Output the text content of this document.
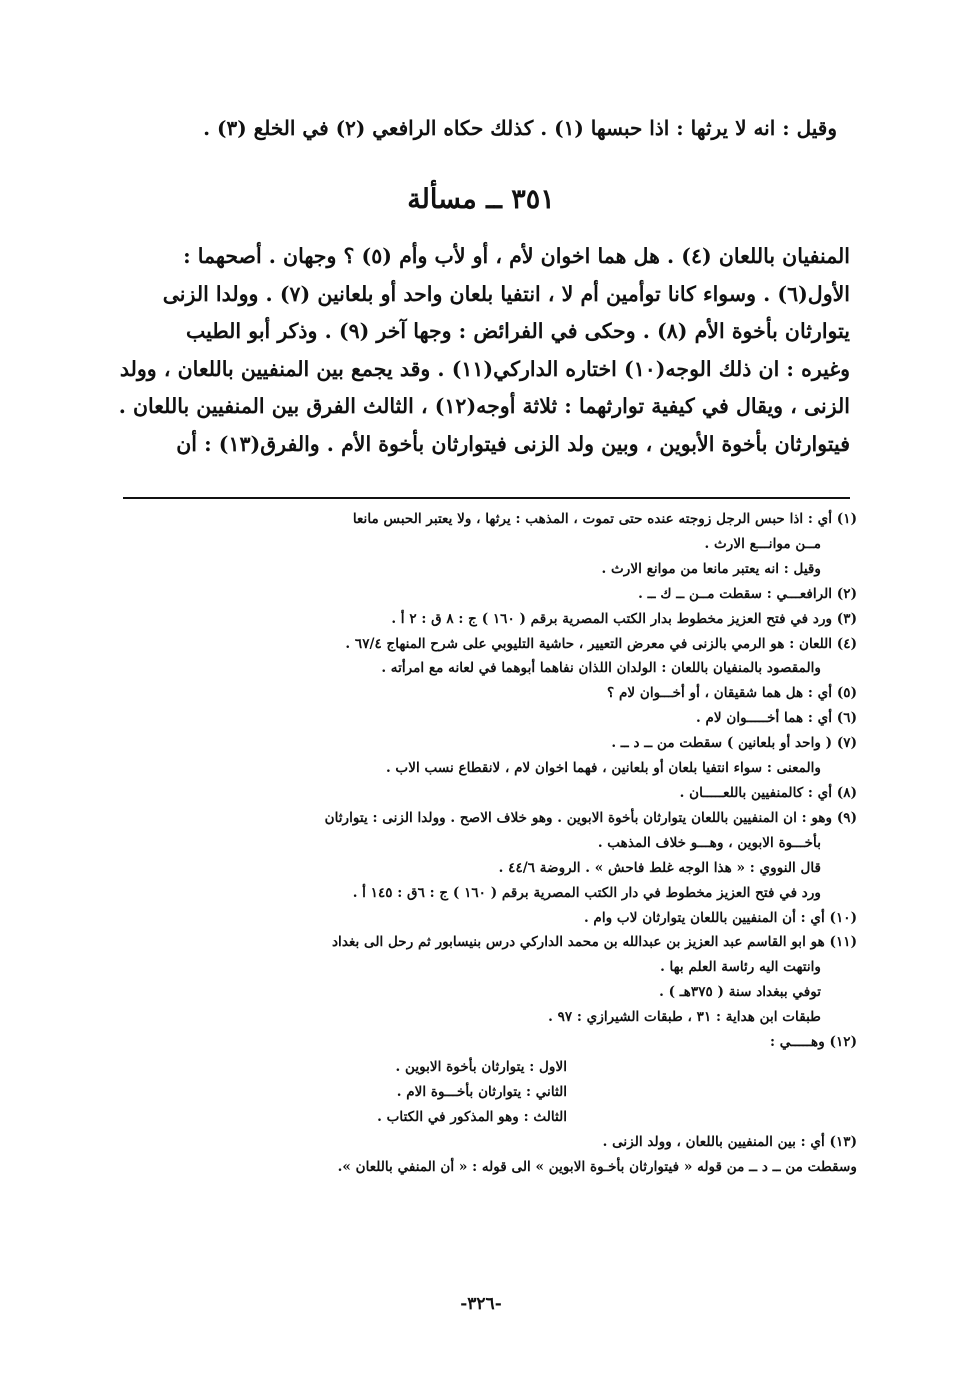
وقيل : انه لا يرثها : اذا حبسها (١) . كذلك حكاه الرافعي (٢) في الخلع (٣) .
٣٥١ ــ مسألة
المنفيان باللعان (٤) . هل هما اخوان لأم ، أو لأب وأم (٥) ؟ وجهان . أصحهما :
الأول(٦) . وسواء كانا توأمين أم لا ، انتفيا بلعان واحد أو بلعانين (٧) . وولدا الزنى
يتوارثان بأخوة الأم (٨) . وحكى في الفرائض : وجها آخر (٩) . وذكر أبو الطيب
وغيره : ان ذلك الوجه(١٠) اختاره الداركي(١١) . وقد يجمع بين المنفيين باللعان ، وولد
الزنى ، ويقال في كيفية توارثهما : ثلاثة أوجه(١٢) ، الثالث الفرق بين المنفيين باللعان .
فيتوارثان بأخوة الأبوين ، وبين ولد الزنى فيتوارثان بأخوة الأم . والفرق(١٣) : أن
(١) أي : اذا حبس الرجل زوجته عنده حتى تموت ، المذهب : يرثها ، ولا يعتبر الحبس مانعا
مــن موانـــع الارث .
وقيل : انه يعتبر مانعا من موانع الارث .
(٢) الرافعـــي : سقطت مــن ــ ك ــ .
(٣) ورد في فتح العزيز مخطوط بدار الكتب المصرية برقم ( ١٦٠ ) ج : ٨ ق : ٢ أ .
(٤) اللعان : هو الرمي بالزنى في معرض التعيير ، حاشية التليوبي على شرح المنهاج ٦٧/٤ .
والمقصود بالمنفيان باللعان : الولدان اللذان نفاهما أبوهما في لعانه مع امرأته .
(٥) أي : هل هما شقيقان ، أو أخـــوان لام ؟
(٦) أي : هما أخـــــوان لام .
(٧) ( واحد أو بلعانين ) سقطت من ــ د ــ .
والمعنى : سواء انتفيا بلعان أو بلعانين ، فهما اخوان لام ، لانقطاع نسب الاب .
(٨) أي : كالمنفيين باللعـــــان .
(٩) وهو : ان المنفيين باللعان يتوارثان بأخوة الابوين . وهو خلاف الاصح . وولدا الزنى : يتوارثان
بأخـــوة الابوين ، وهـــو خلاف المذهب .
قال النووي : « هذا الوجه غلط فاحش » . الروضة ٤٤/٦ .
ورد في فتح العزيز مخطوط في دار الكتب المصرية برقم ( ١٦٠ ) ج : ٦ق : ١٤٥ أ .
(١٠) أي : أن المنفيين باللعان يتوارثان لاب وام .
(١١) هو ابو القاسم عبد العزيز بن عبدالله بن محمد الداركي درس بنيسابور ثم رحل الى بغداد
وانتهت اليه رئاسة العلم بها .
توفي ببغداد سنة ( ٣٧٥هـ ) .
طبقات ابن هداية : ٣١ ، طبقات الشيرازي : ٩٧ .
(١٢) وهـــــي :
الاول : يتوارثان بأخوة الابوين .
الثاني : يتوارثان بأخـــوة الام .
الثالث : وهو المذكور في الكتاب .
(١٣) أي : بين المنفيين باللعان ، وولد الزنى .
وسقطت من ــ د ــ من قوله « فيتوارثان بأخـوة الابوين » الى قوله : « أن المنفي باللعان ».
-٣٢٦-
